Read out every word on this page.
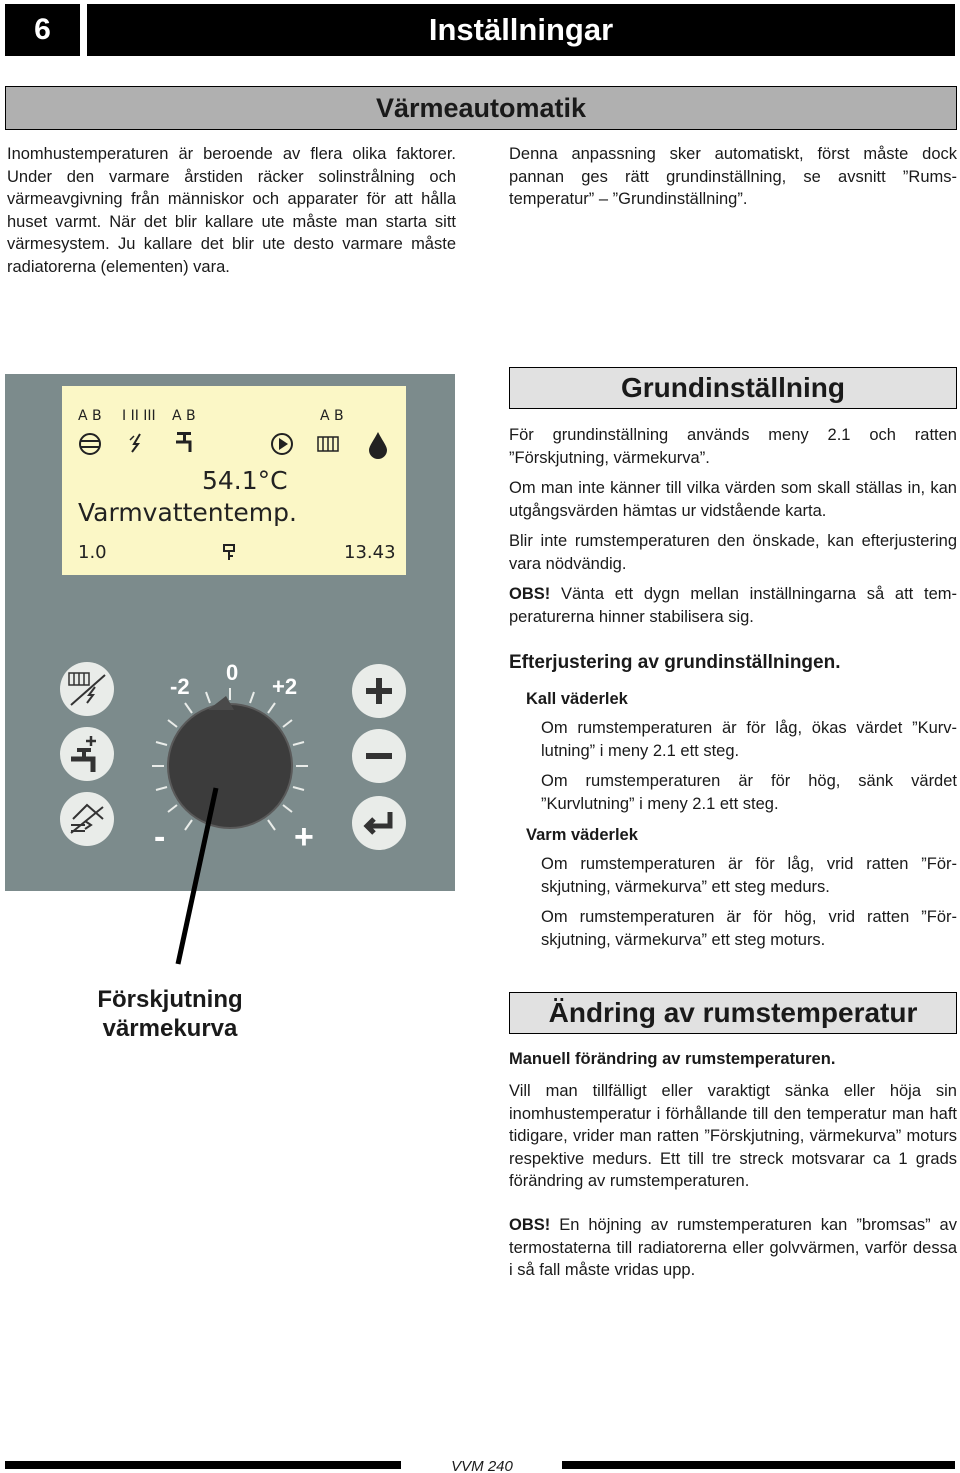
6	Inställningar
Värmeautomatik
Inomhustemperaturen är beroende av flera olika faktorer. Under den varmare årstiden räcker solinstrålning och värmeavgivning från människor och apparater för att hålla huset varmt. När det blir kallare ute måste man starta sitt värmesystem. Ju kallare det blir ute desto varmare måste radiatorerna (elementen) vara.
Denna anpassning sker automatiskt, först måste dock pannan ges rätt grundinställning, se avsnitt ”Rumstemperatur” – ”Grundinställning”.
A B I II III A B	A B
54.1°C
Varmvattentemp.
1.0	13.43
-2
0
+2
-	+
Förskjutning
värmekurva
Grundinställning
För grundinställning används meny 2.1 och ratten ”Förskjutning, värmekurva”.
Om man inte känner till vilka värden som skall ställas in, kan utgångsvärden hämtas ur vidstående karta.
Blir inte rumstemperaturen den önskade, kan efterjustering vara nödvändig.
OBS! Vänta ett dygn mellan inställningarna så att temperaturerna hinner stabilisera sig.
Efterjustering av grundinställningen.
Kall väderlek
Om rumstemperaturen är för låg, ökas värdet ”Kurvlutning” i meny 2.1 ett steg.
Om rumstemperaturen är för hög, sänk värdet ”Kurvlutning” i meny 2.1 ett steg.
Varm väderlek
Om rumstemperaturen är för låg, vrid ratten ”Förskjutning, värmekurva” ett steg medurs.
Om rumstemperaturen är för hög, vrid ratten ”Förskjutning, värmekurva” ett steg moturs.
Ändring av rumstemperatur
Manuell förändring av rumstemperaturen.
Vill man tillfälligt eller varaktigt sänka eller höja sin inomhustemperatur i förhållande till den temperatur man haft tidigare, vrider man ratten ”Förskjutning, värmekurva” moturs respektive medurs. Ett till tre streck motsvarar ca 1 grads förändring av rumstemperaturen.
OBS! En höjning av rumstemperaturen kan ”bromsas” av termostaterna till radiatorerna eller golvvärmen, varför dessa i så fall måste vridas upp.
VVM 240
